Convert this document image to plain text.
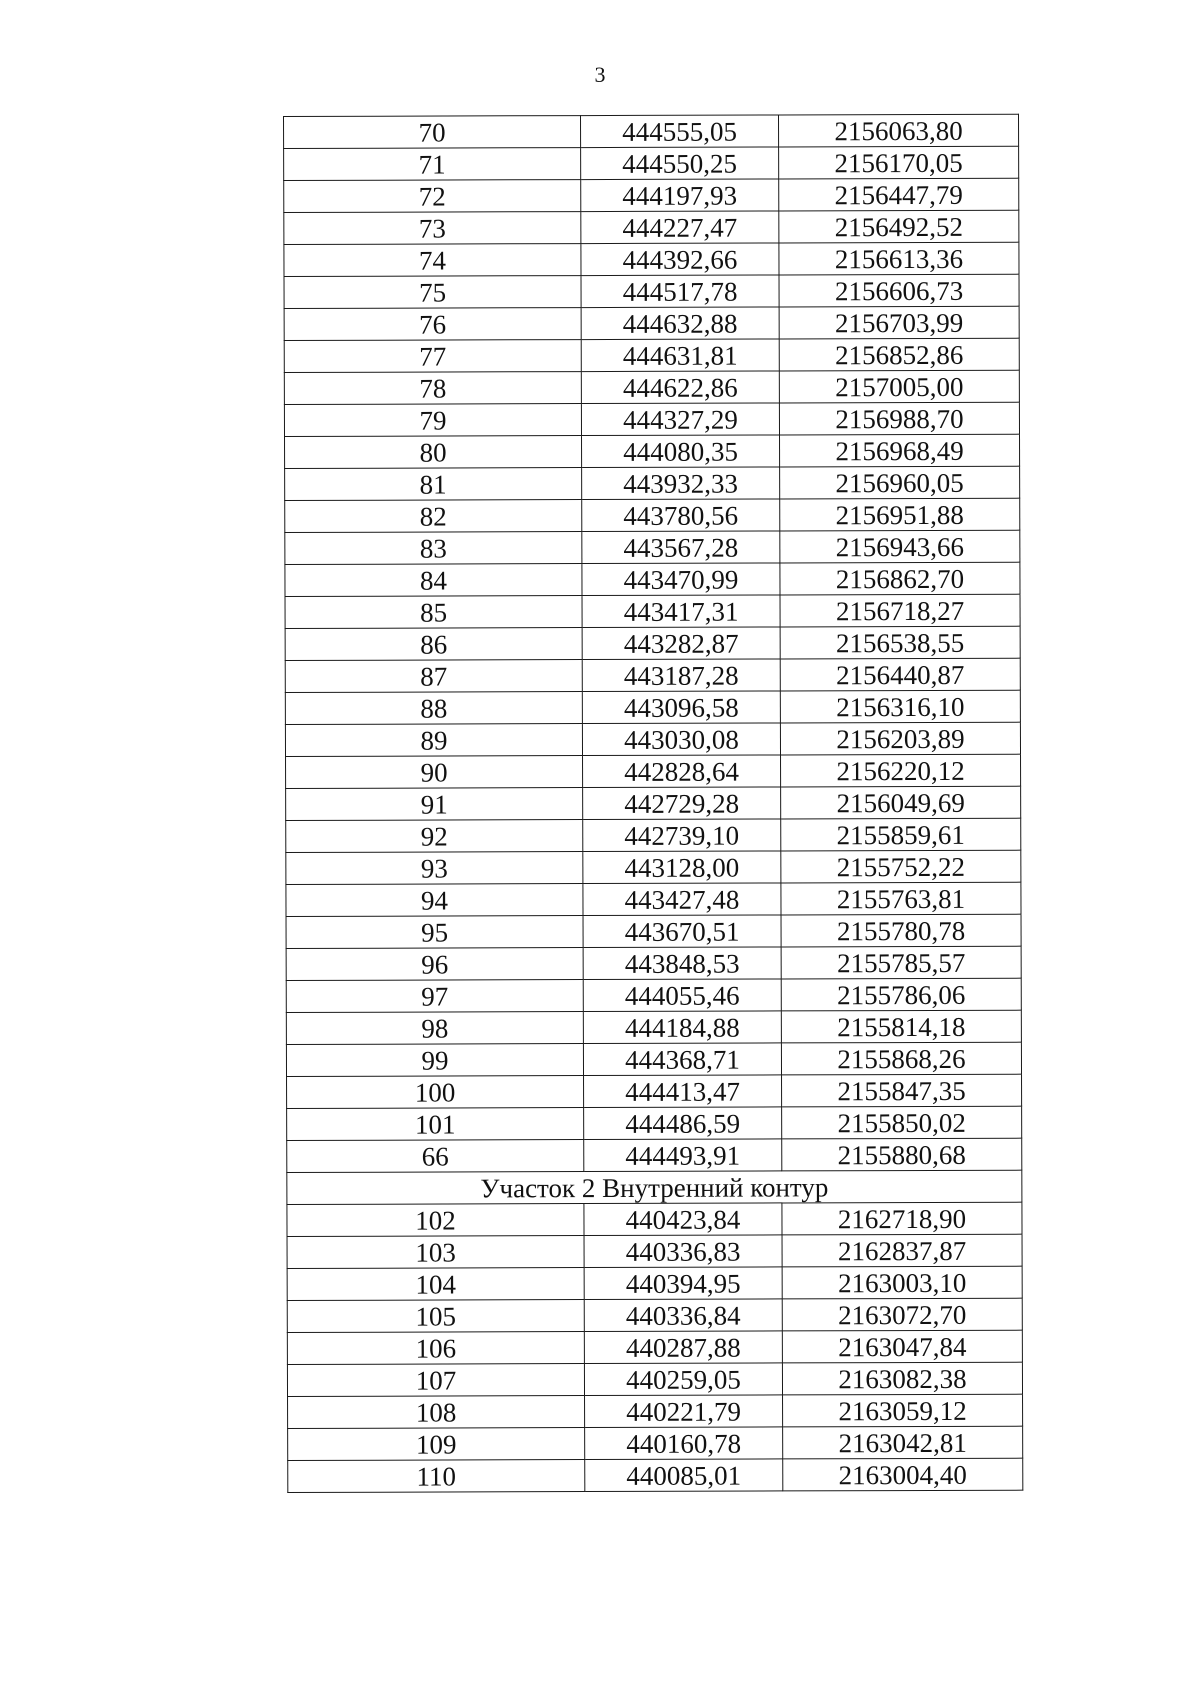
3
70	444555,05	2156063,80
71	444550,25	2156170,05
72	444197,93	2156447,79
73	444227,47	2156492,52
74	444392,66	2156613,36
75	444517,78	2156606,73
76	444632,88	2156703,99
77	444631,81	2156852,86
78	444622,86	2157005,00
79	444327,29	2156988,70
80	444080,35	2156968,49
81	443932,33	2156960,05
82	443780,56	2156951,88
83	443567,28	2156943,66
84	443470,99	2156862,70
85	443417,31	2156718,27
86	443282,87	2156538,55
87	443187,28	2156440,87
88	443096,58	2156316,10
89	443030,08	2156203,89
90	442828,64	2156220,12
91	442729,28	2156049,69
92	442739,10	2155859,61
93	443128,00	2155752,22
94	443427,48	2155763,81
95	443670,51	2155780,78
96	443848,53	2155785,57
97	444055,46	2155786,06
98	444184,88	2155814,18
99	444368,71	2155868,26
100	444413,47	2155847,35
101	444486,59	2155850,02
66	444493,91	2155880,68
Участок 2 Внутренний контур		
102	440423,84	2162718,90
103	440336,83	2162837,87
104	440394,95	2163003,10
105	440336,84	2163072,70
106	440287,88	2163047,84
107	440259,05	2163082,38
108	440221,79	2163059,12
109	440160,78	2163042,81
110	440085,01	2163004,40
